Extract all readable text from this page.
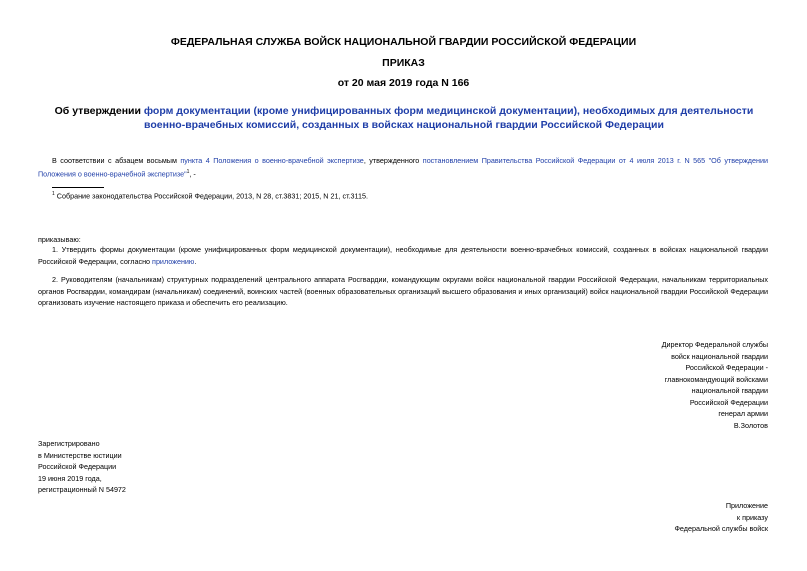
ФЕДЕРАЛЬНАЯ СЛУЖБА ВОЙСК НАЦИОНАЛЬНОЙ ГВАРДИИ РОССИЙСКОЙ ФЕДЕРАЦИИ
ПРИКАЗ
от 20 мая 2019 года N 166
Об утверждении форм документации (кроме унифицированных форм медицинской документации), необходимых для деятельности военно-врачебных комиссий, созданных в войсках национальной гвардии Российской Федерации
В соответствии с абзацем восьмым пункта 4 Положения о военно-врачебной экспертизе, утвержденного постановлением Правительства Российской Федерации от 4 июля 2013 г. N 565 "Об утверждении Положения о военно-врачебной экспертизе"$^1$, -
$^1$ Собрание законодательства Российской Федерации, 2013, N 28, ст.3831; 2015, N 21, ст.3115.
приказываю:
1. Утвердить формы документации (кроме унифицированных форм медицинской документации), необходимые для деятельности военно-врачебных комиссий, созданных в войсках национальной гвардии Российской Федерации, согласно приложению.
2. Руководителям (начальникам) структурных подразделений центрального аппарата Росгвардии, командующим округами войск национальной гвардии Российской Федерации, начальникам территориальных органов Росгвардии, командирам (начальникам) соединений, воинских частей (военных образовательных организаций высшего образования и иных организаций) войск национальной гвардии Российской Федерации организовать изучение настоящего приказа и обеспечить его реализацию.
Директор Федеральной службы
войск национальной гвардии
Российской Федерации -
главнокомандующий войсками
национальной гвардии
Российской Федерации
генерал армии
В.Золотов
Зарегистрировано
в Министерстве юстиции
Российской Федерации
19 июня 2019 года,
регистрационный N 54972
Приложение
к приказу
Федеральной службы войск
